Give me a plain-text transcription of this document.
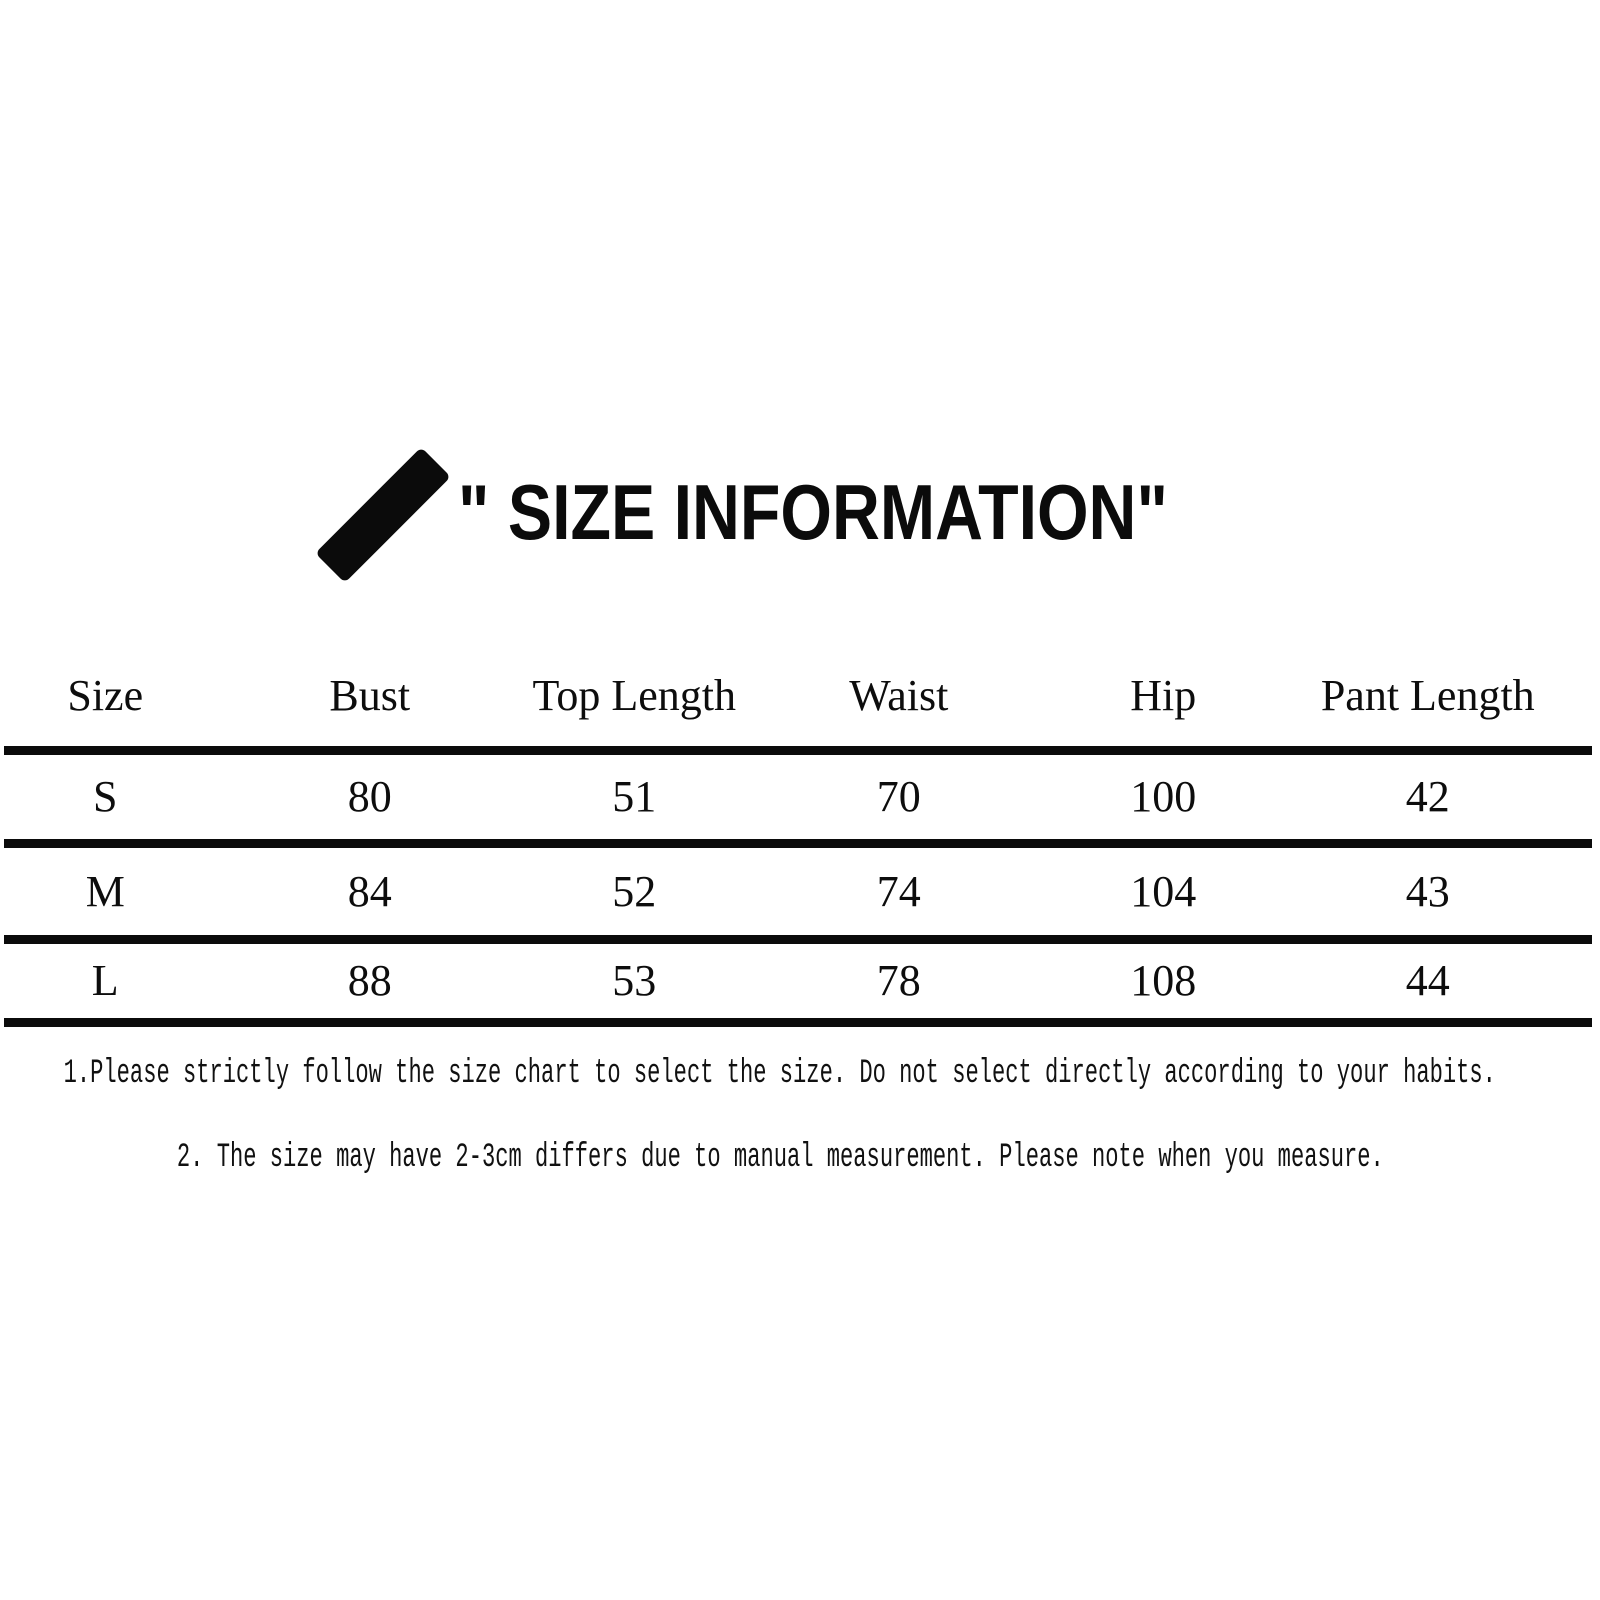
" SIZE INFORMATION"
Size	Bust	Top Length	Waist	Hip	Pant Length
S	80	51	70	100	42
M	84	52	74	104	43
L	88	53	78	108	44
1.Please strictly follow the size chart to select the size. Do not select directly according to your habits.
2. The size may have 2-3cm differs due to manual measurement. Please note when you measure.
